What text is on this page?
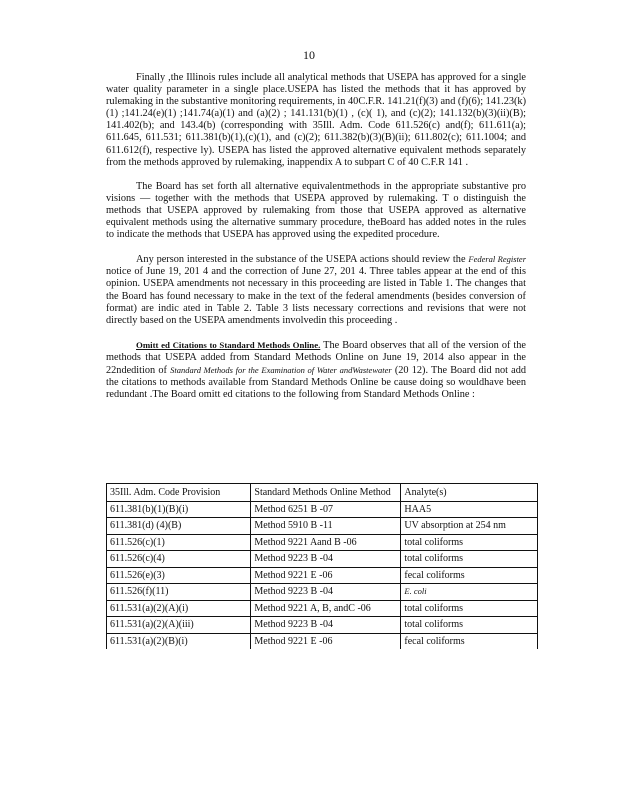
10

Finally ,the Illinois rules include all analytical methods that USEPA has approved for a single water quality parameter in a single place.USEPA has listed the methods that it has approved by rulemaking in the substantive monitoring requirements, in 40C.F.R. 141.21(f)(3) and (f)(6); 141.23(k)(1) ;141.24(e)(1) ;141.74(a)(1) and (a)(2) ; 141.131(b)(1) , (c)( 1), and (c)(2); 141.132(b)(3)(ii)(B); 141.402(b); and 143.4(b) (corresponding with 35Ill. Adm. Code 611.526(c) and(f); 611.611(a); 611.645, 611.531; 611.381(b)(1),(c)(1), and (c)(2); 611.382(b)(3)(B)(ii); 611.802(c); 611.1004; and 611.612(f), respective ly). USEPA has listed the approved alternative equivalent methods separately from the methods approved by rulemaking, inappendix A to subpart C of 40 C.F.R 141 .

The Board has set forth all alternative equivalentmethods in the appropriate substantive pro visions — together with the methods that USEPA approved by rulemaking. T o distinguish the methods that USEPA approved by rulemaking from those that USEPA approved as alternative equivalent methods using the alternative summary procedure, theBoard has added notes in the rules to indicate the methods that USEPA has approved using the expedited procedure.

Any person interested in the substance of the USEPA actions should review the Federal Register notice of June 19, 201 4 and the correction of June 27, 201 4. Three tables appear at the end of this opinion. USEPA amendments not necessary in this proceeding are listed in Table 1. The changes that the Board has found necessary to make in the text of the federal amendments (besides conversion of format) are indic ated in Table 2. Table 3 lists necessary corrections and revisions that were not directly based on the USEPA amendments involvedin this proceeding .

Omitt ed Citations to Standard Methods Online. The Board observes that all of the version of the methods that USEPA added from Standard Methods Online on June 19, 2014 also appear in the 22ndedition of Standard Methods for the Examination of Water andWastewater (20 12). The Board did not add the citations to methods available from Standard Methods Online be cause doing so wouldhave been redundant .The Board omitt ed citations to the following from Standard Methods Online :

35Ill. Adm. Code Provision	Standard Methods Online Method	Analyte(s)
611.381(b)(1)(B)(i)	Method 6251 B -07	HAA5
611.381(d) (4)(B)	Method 5910 B -11	UV absorption at 254 nm
611.526(c)(1)	Method 9221 Aand B -06	total coliforms
611.526(c)(4)	Method 9223 B -04	total coliforms
611.526(e)(3)	Method 9221 E -06	fecal coliforms
611.526(f)(11)	Method 9223 B -04	E. coli
611.531(a)(2)(A)(i)	Method 9221 A, B, andC -06	total coliforms
611.531(a)(2)(A)(iii)	Method 9223 B -04	total coliforms
611.531(a)(2)(B)(i)	Method 9221 E -06	fecal coliforms
